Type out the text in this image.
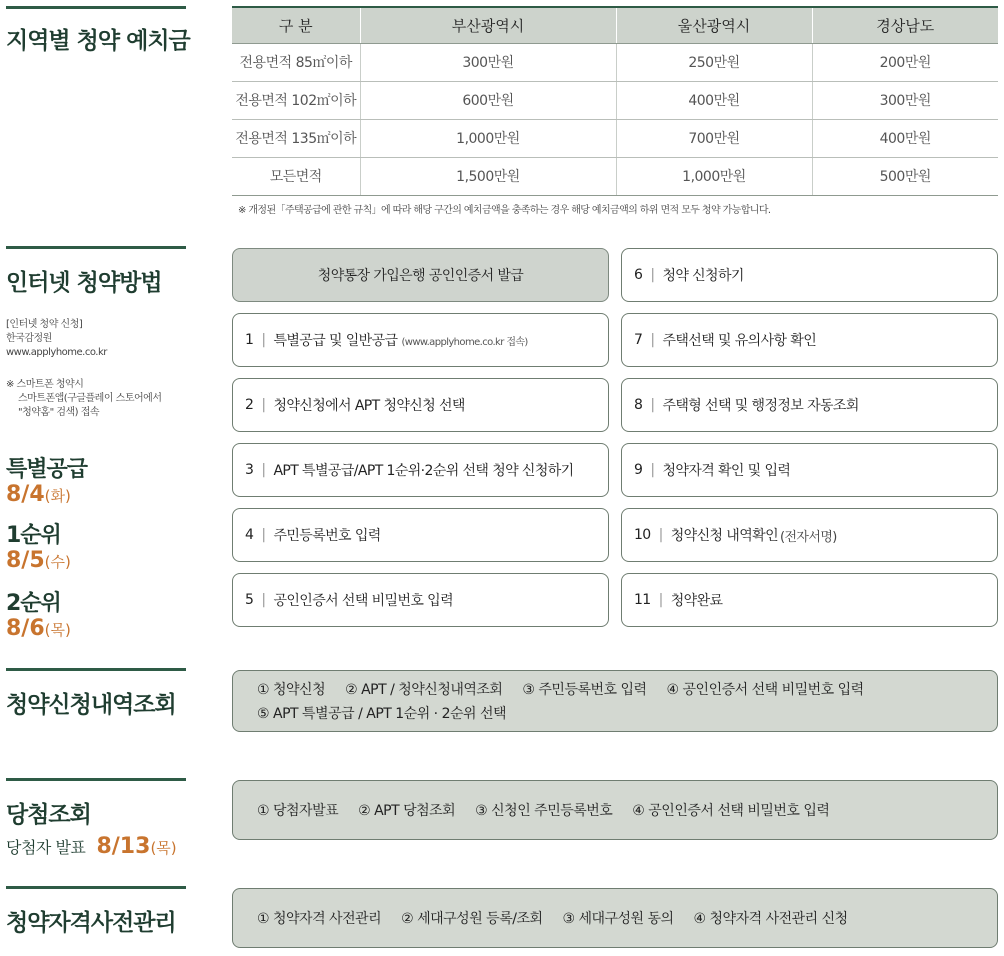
지역별 청약 예치금
구 분	부산광역시	울산광역시	경상남도
전용면적 85㎡이하	300만원	250만원	200만원
전용면적 102㎡이하	600만원	400만원	300만원
전용면적 135㎡이하	1,000만원	700만원	400만원
모든면적	1,500만원	1,000만원	500만원
※ 개정된「주택공급에 관한 규칙」에 따라 해당 구간의 예치금액을 충족하는 경우 해당 예치금액의 하위 면적 모두 청약 가능합니다.
인터넷 청약방법
[인터넷 청약 신청]
한국감정원
www.applyhome.co.kr
※ 스마트폰 청약시
스마트폰앱(구글플레이 스토어에서
"청약홈" 검색) 접속
특별공급
8/4(화)
1순위
8/5(수)
2순위
8/6(목)
청약통장 가입은행 공인인증서 발급
1 | 특별공급 및 일반공급 (www.applyhome.co.kr 접속)
2 | 청약신청에서 APT 청약신청 선택
3 | APT 특별공급/APT 1순위·2순위 선택 청약 신청하기
4 | 주민등록번호 입력
5 | 공인인증서 선택 비밀번호 입력
6 | 청약 신청하기
7 | 주택선택 및 유의사항 확인
8 | 주택형 선택 및 행정정보 자동조회
9 | 청약자격 확인 및 입력
10 | 청약신청 내역확인 (전자서명)
11 | 청약완료
청약신청내역조회
① 청약신청 ② APT / 청약신청내역조회 ③ 주민등록번호 입력 ④ 공인인증서 선택 비밀번호 입력
⑤ APT 특별공급 / APT 1순위 · 2순위 선택
당첨조회
당첨자 발표 8/13(목)
① 당첨자발표 ② APT 당첨조회 ③ 신청인 주민등록번호 ④ 공인인증서 선택 비밀번호 입력
청약자격사전관리	① 청약자격 사전관리 ② 세대구성원 등록/조회 ③ 세대구성원 동의 ④ 청약자격 사전관리 신청
